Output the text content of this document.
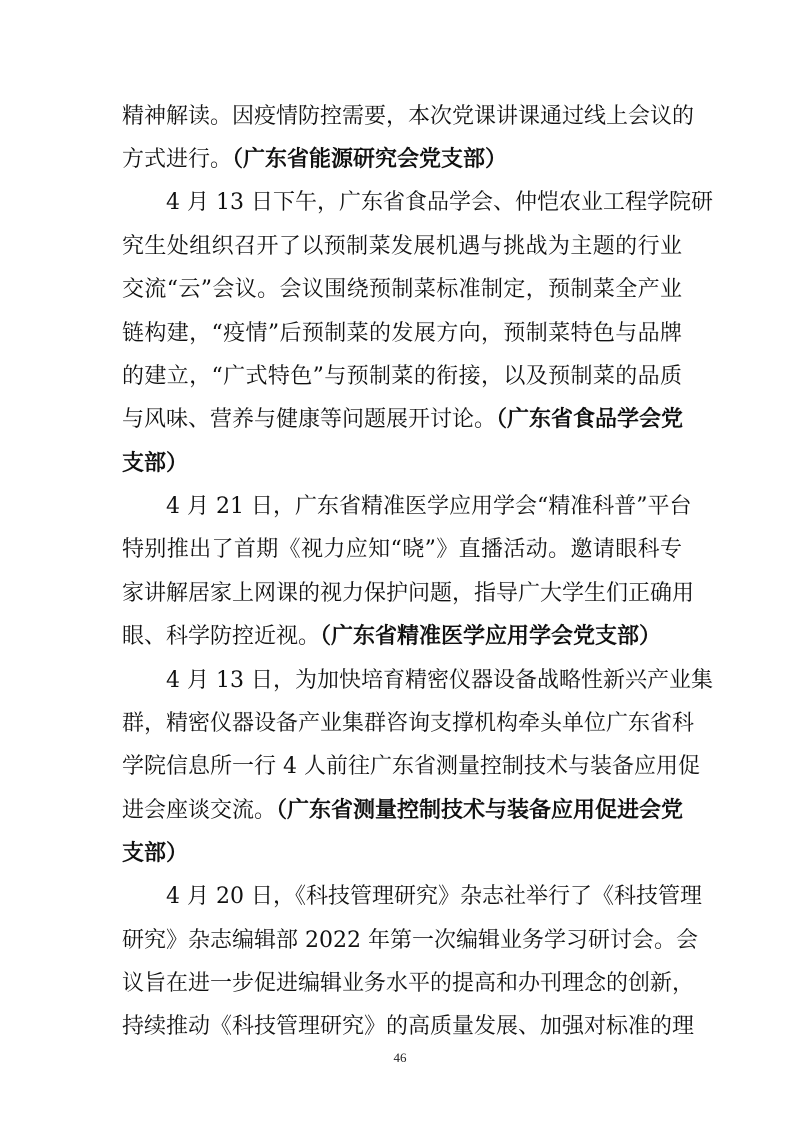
精神解读。因疫情防控需要，本次党课讲课通过线上会议的
方式进行。（广东省能源研究会党支部）
4 月 13 日下午，广东省食品学会、仲恺农业工程学院研
究生处组织召开了以预制菜发展机遇与挑战为主题的行业
交流“云”会议。会议围绕预制菜标准制定，预制菜全产业
链构建，“疫情”后预制菜的发展方向，预制菜特色与品牌
的建立，“广式特色”与预制菜的衔接，以及预制菜的品质
与风味、营养与健康等问题展开讨论。（广东省食品学会党
支部）
4 月 21 日，广东省精准医学应用学会“精准科普”平台
特别推出了首期《视力应知“晓”》直播活动。邀请眼科专
家讲解居家上网课的视力保护问题，指导广大学生们正确用
眼、科学防控近视。（广东省精准医学应用学会党支部）
4 月 13 日，为加快培育精密仪器设备战略性新兴产业集
群，精密仪器设备产业集群咨询支撑机构牵头单位广东省科
学院信息所一行 4 人前往广东省测量控制技术与装备应用促
进会座谈交流。（广东省测量控制技术与装备应用促进会党
支部）
4 月 20 日，《科技管理研究》杂志社举行了《科技管理
研究》杂志编辑部 2022 年第一次编辑业务学习研讨会。会
议旨在进一步促进编辑业务水平的提高和办刊理念的创新，
持续推动《科技管理研究》的高质量发展、加强对标准的理
46
